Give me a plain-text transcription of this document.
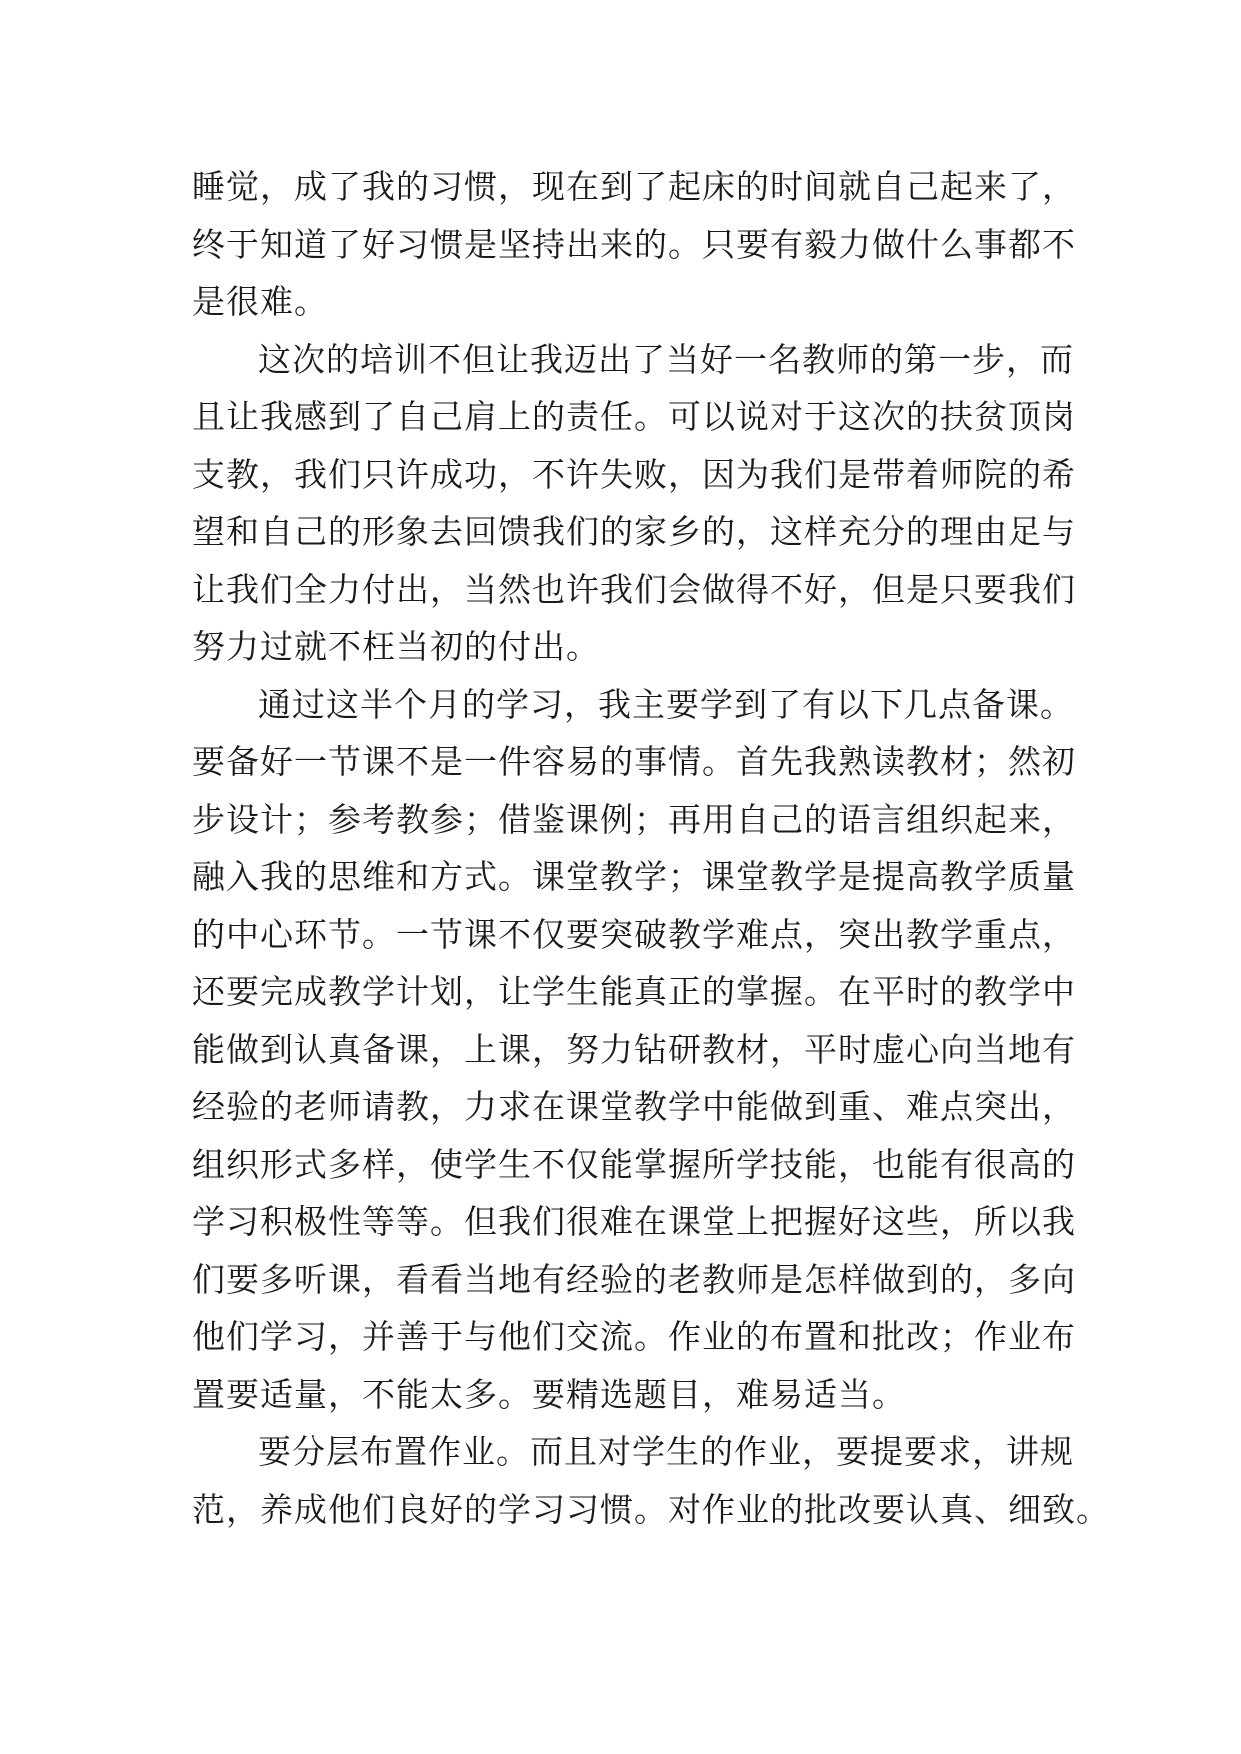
睡觉，成了我的习惯，现在到了起床的时间就自己起来了，
终于知道了好习惯是坚持出来的。只要有毅力做什么事都不
是很难。
这次的培训不但让我迈出了当好一名教师的第一步，而
且让我感到了自己肩上的责任。可以说对于这次的扶贫顶岗
支教，我们只许成功，不许失败，因为我们是带着师院的希
望和自己的形象去回馈我们的家乡的，这样充分的理由足与
让我们全力付出，当然也许我们会做得不好，但是只要我们
努力过就不枉当初的付出。
通过这半个月的学习，我主要学到了有以下几点备课。
要备好一节课不是一件容易的事情。首先我熟读教材；然初
步设计；参考教参；借鉴课例；再用自己的语言组织起来，
融入我的思维和方式。课堂教学；课堂教学是提高教学质量
的中心环节。一节课不仅要突破教学难点，突出教学重点，
还要完成教学计划，让学生能真正的掌握。在平时的教学中
能做到认真备课，上课，努力钻研教材，平时虚心向当地有
经验的老师请教，力求在课堂教学中能做到重、难点突出，
组织形式多样，使学生不仅能掌握所学技能，也能有很高的
学习积极性等等。但我们很难在课堂上把握好这些，所以我
们要多听课，看看当地有经验的老教师是怎样做到的，多向
他们学习，并善于与他们交流。作业的布置和批改；作业布
置要适量，不能太多。要精选题目，难易适当。
要分层布置作业。而且对学生的作业，要提要求，讲规
范，养成他们良好的学习习惯。对作业的批改要认真、细致。
